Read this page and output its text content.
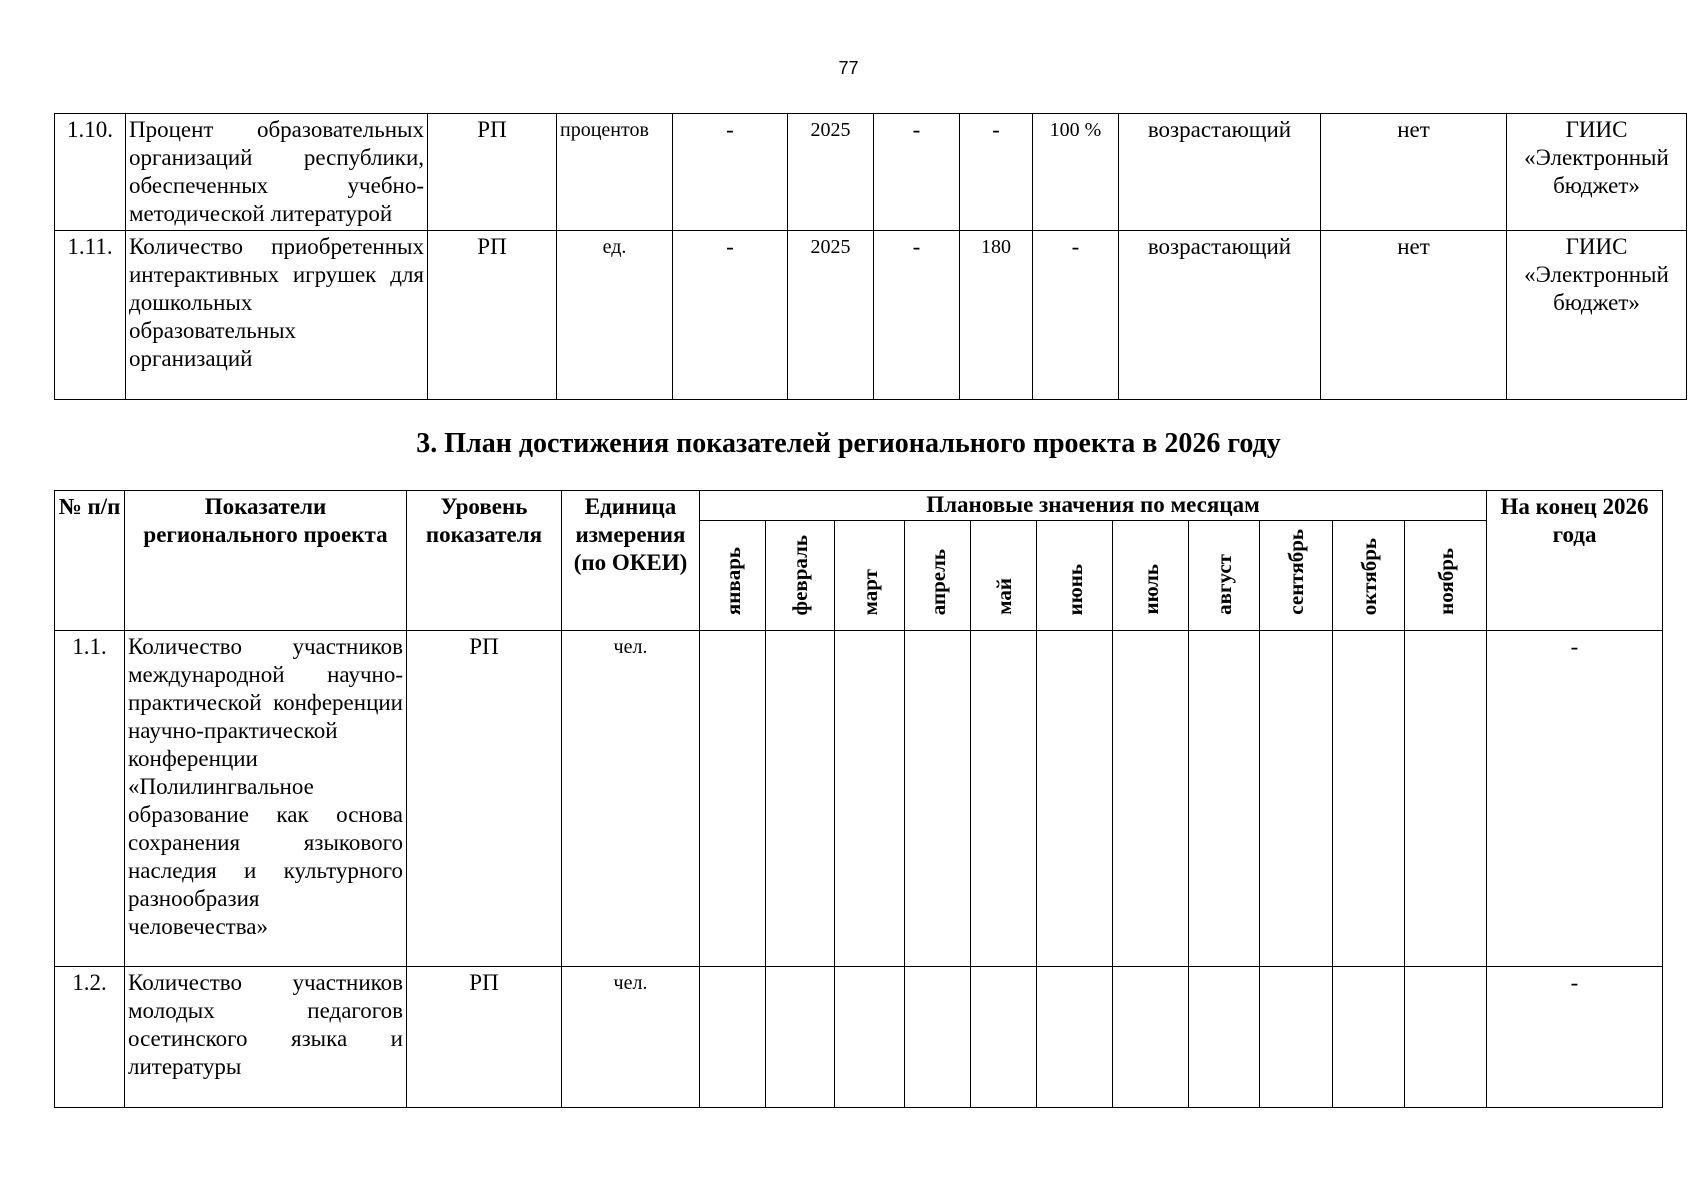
77
1.10.	Процент образовательных организаций республики, обеспеченных учебно-методической литературой	РП	процентов	-	2025	-	-	100 %	возрастающий	нет	ГИИС «Электронный бюджет»
1.11.	Количество приобретенных интерактивных игрушек для дошкольных образовательных организаций	РП	ед.	-	2025	-	180	-	возрастающий	нет	ГИИС «Электронный бюджет»
3. План достижения показателей регионального проекта в 2026 году
№ п/п	Показатели регионального проекта	Уровень показателя	Единица измерения (по ОКЕИ)	Плановые значения по месяцам											На конец 2026 года
				январь	февраль	март	апрель	май	июнь	июль	август	сентябрь	октябрь	ноябрь	
1.1.	Количество участников международной научно-практической конференции научно-практической конференции «Полилингвальное образование как основа сохранения языкового наследия и культурного разнообразия человечества»	РП	чел.												-
1.2.	Количество участников молодых педагогов осетинского языка и литературы	РП	чел.												-
